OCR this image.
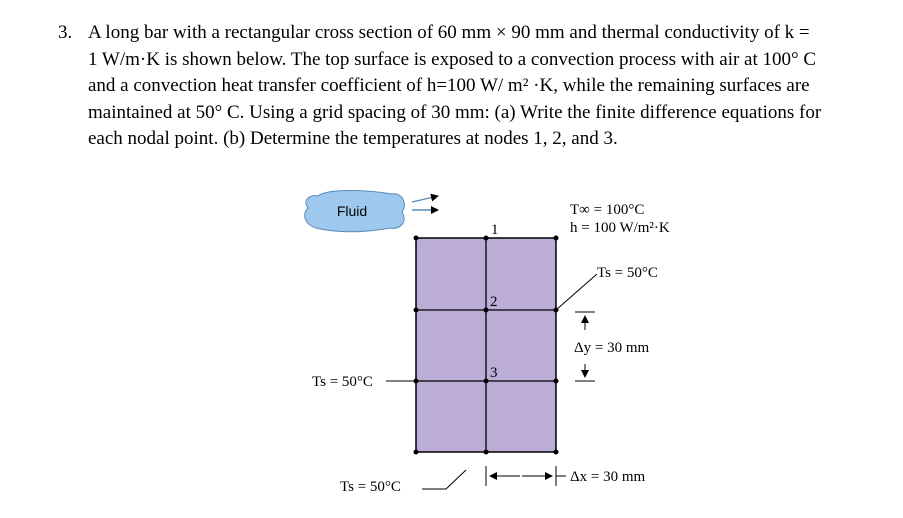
3. A long bar with a rectangular cross section of 60 mm × 90 mm and thermal conductivity of k =
1 W/m·K is shown below. The top surface is exposed to a convection process with air at 100° C
and a convection heat transfer coefficient of h=100 W/ m² ·K, while the remaining surfaces are
maintained at 50° C. Using a grid spacing of 30 mm: (a) Write the finite difference equations for
each nodal point. (b) Determine the temperatures at nodes 1, 2, and 3.
Fluid
1
2
3
T∞ = 100°C
h = 100 W/m²·K
Ts = 50°C
Ts = 50°C
Ts = 50°C
Δy = 30 mm
Δx = 30 mm
